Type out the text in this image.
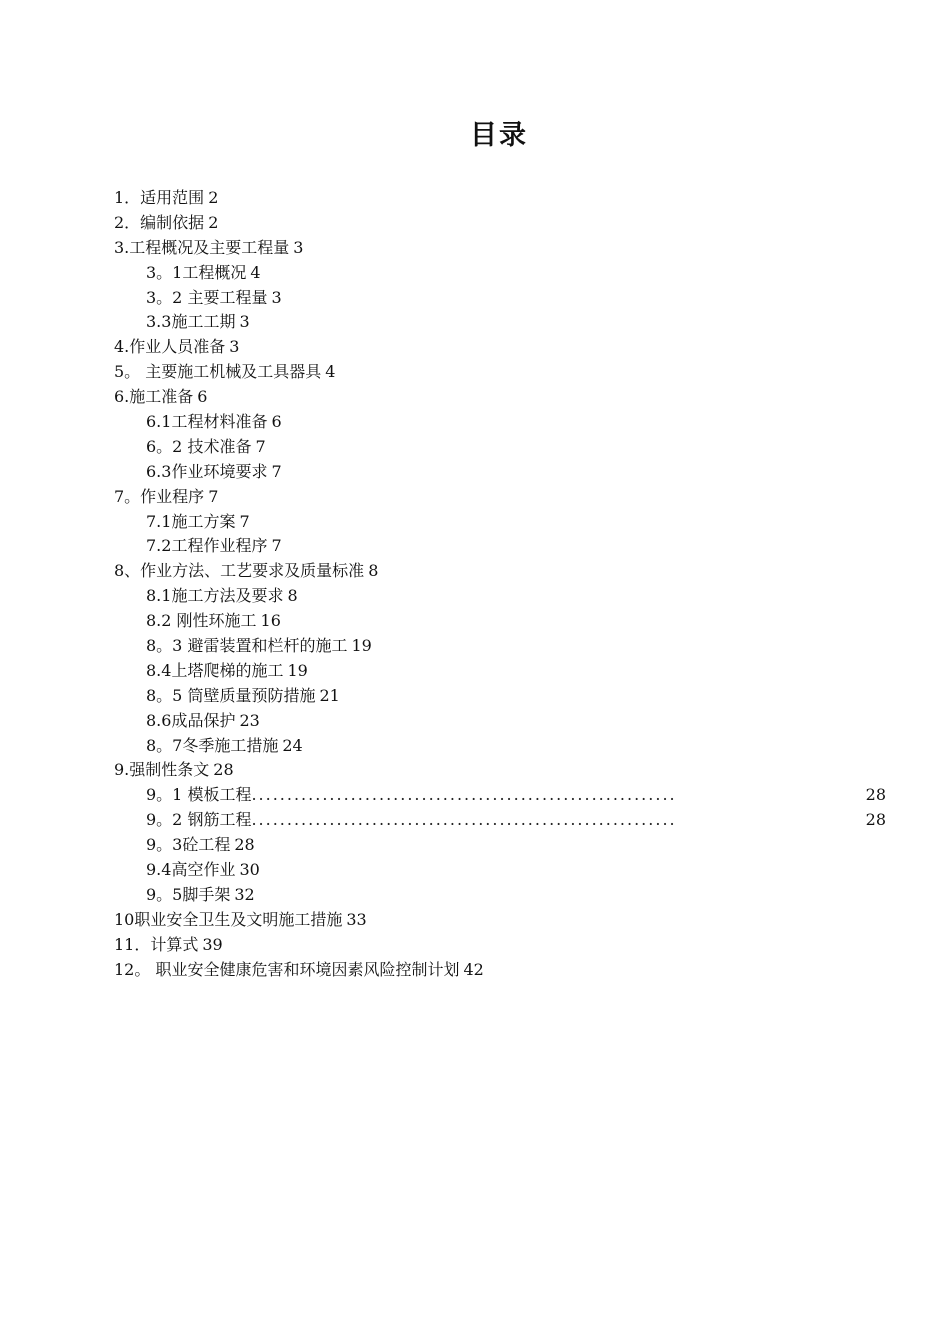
目录
1．适用范围 2
2．编制依据 2
3.工程概况及主要工程量 3
3。1工程概况 4
3。2 主要工程量 3
3.3施工工期 3
4.作业人员准备 3
5。 主要施工机械及工具器具 4
6.施工准备 6
6.1工程材料准备 6
6。2 技术准备 7
6.3作业环境要求 7
7。作业程序 7
7.1施工方案 7
7.2工程作业程序 7
8、作业方法、工艺要求及质量标准 8
8.1施工方法及要求 8
8.2 刚性环施工 16
8。3 避雷装置和栏杆的施工 19
8.4上塔爬梯的施工 19
8。5 筒壁质量预防措施 21
8.6成品保护 23
8。7冬季施工措施 24
9.强制性条文 28
9。1 模板工程 ............................................................	28
9。2 钢筋工程 ............................................................	28
9。3砼工程 28
9.4高空作业 30
9。5脚手架 32
10职业安全卫生及文明施工措施 33
11．计算式 39
12。 职业安全健康危害和环境因素风险控制计划 42
